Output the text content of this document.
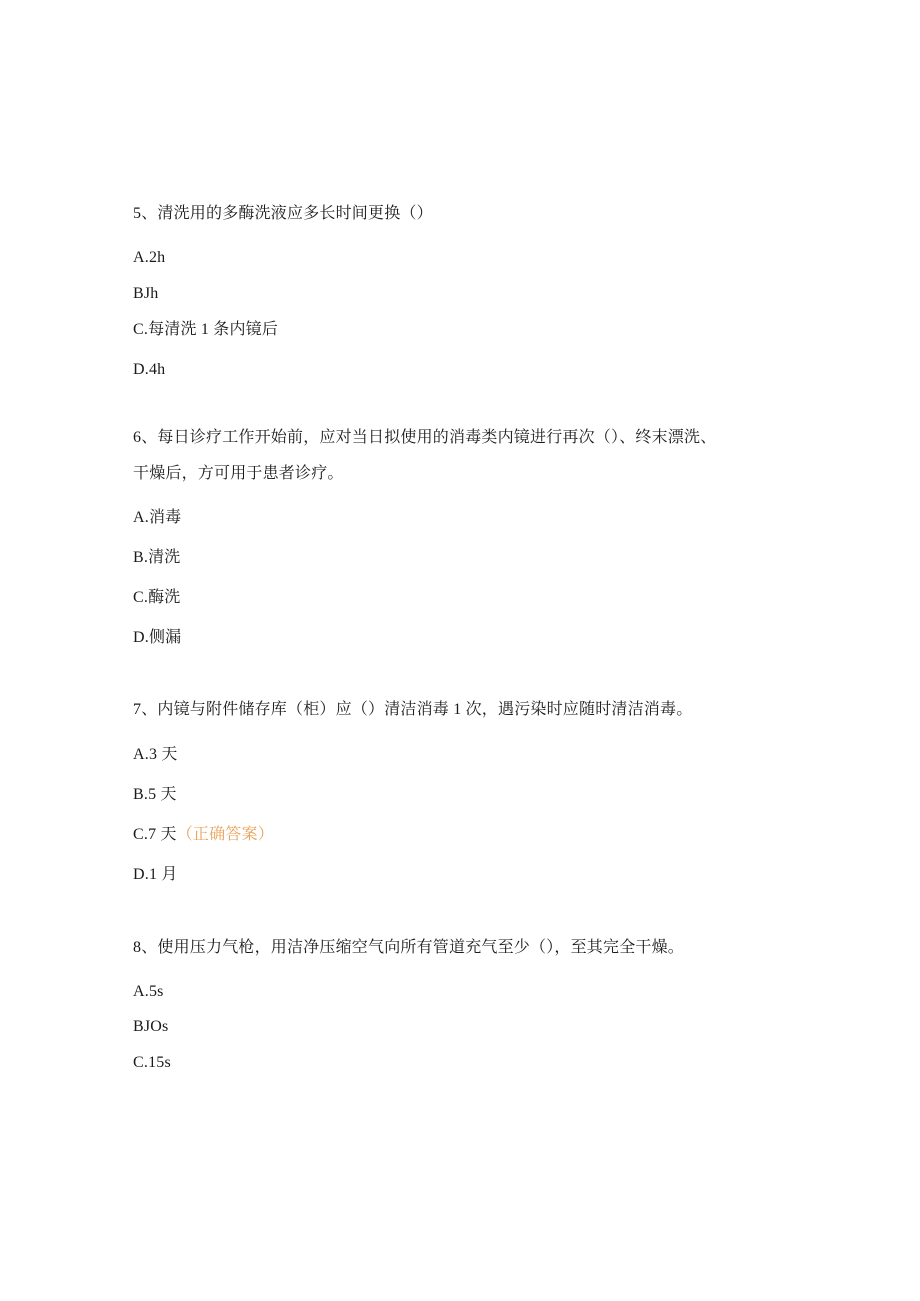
5、清洗用的多酶洗液应多长时间更换（）
A.2h
BJh
C.每清洗 1 条内镜后
D.4h
6、每日诊疗工作开始前，应对当日拟使用的消毒类内镜进行再次（）、终末漂洗、
干燥后，方可用于患者诊疗。
A.消毒
B.清洗
C.酶洗
D.侧漏
7、内镜与附件储存库（柜）应（）清洁消毒 1 次，遇污染时应随时清洁消毒。
A.3 天
B.5 天
C.7 天（正确答案）
D.1 月
8、使用压力气枪，用洁净压缩空气向所有管道充气至少（），至其完全干燥。
A.5s
BJOs
C.15s
